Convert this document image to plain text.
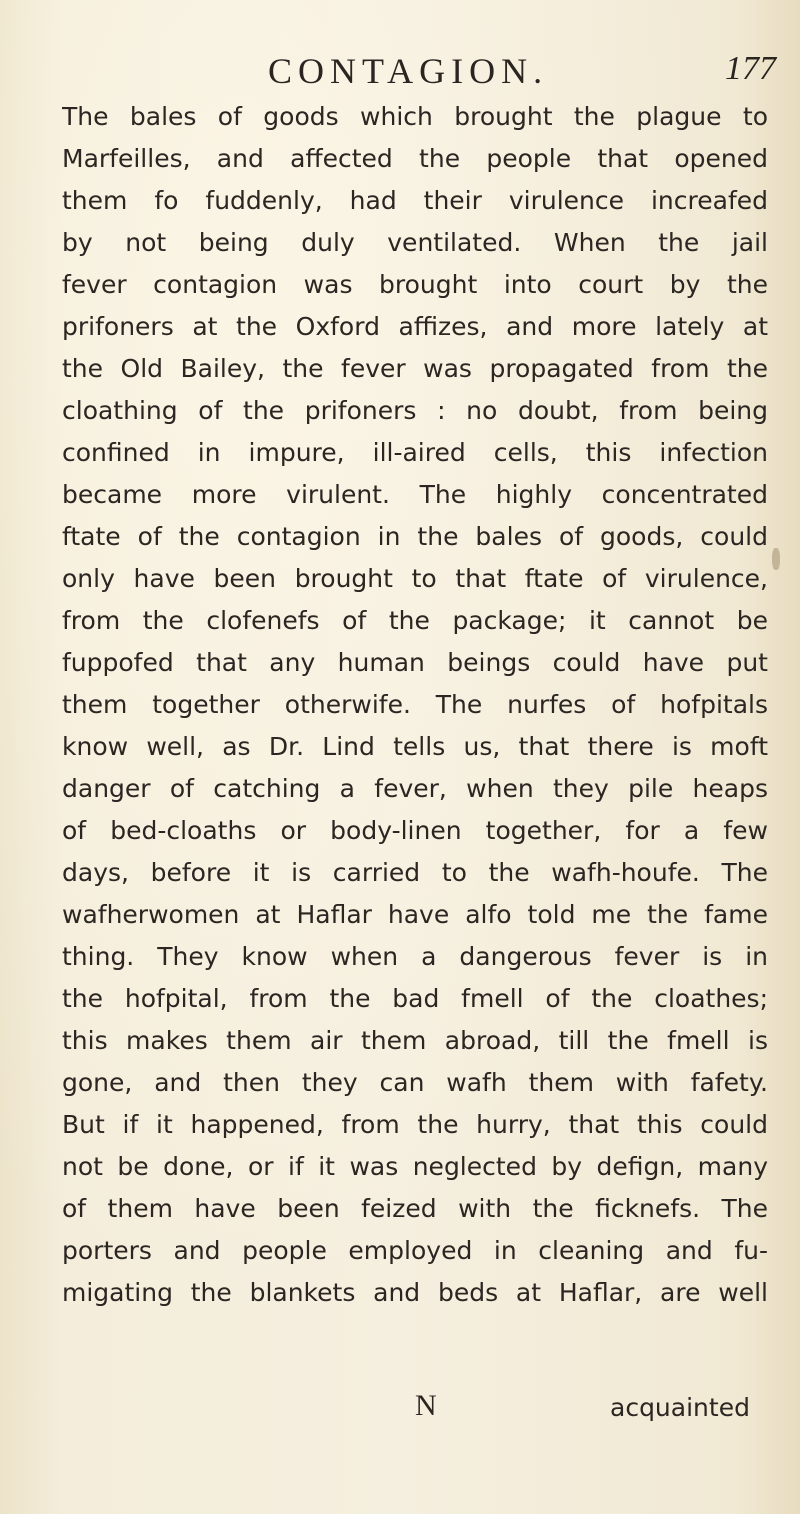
CONTAGION.	177
The bales of goods which brought the plague to
Marfeilles, and affected the people that opened
them fo fuddenly, had their virulence increafed
by not being duly ventilated. When the jail
fever contagion was brought into court by the
prifoners at the Oxford affizes, and more lately at
the Old Bailey, the fever was propagated from the
cloathing of the prifoners : no doubt, from being
confined in impure, ill-aired cells, this infection
became more virulent. The highly concentrated
ftate of the contagion in the bales of goods, could
only have been brought to that ftate of virulence,
from the clofenefs of the package; it cannot be
fuppofed that any human beings could have put
them together otherwife. The nurfes of hofpitals
know well, as Dr. Lind tells us, that there is moft
danger of catching a fever, when they pile heaps
of bed-cloaths or body-linen together, for a few
days, before it is carried to the wafh-houfe. The
wafherwomen at Haflar have alfo told me the fame
thing. They know when a dangerous fever is in
the hofpital, from the bad fmell of the cloathes;
this makes them air them abroad, till the fmell is
gone, and then they can wafh them with fafety.
But if it happened, from the hurry, that this could
not be done, or if it was neglected by defign, many
of them have been feized with the ficknefs. The
porters and people employed in cleaning and fu-
migating the blankets and beds at Haflar, are well
N	acquainted
